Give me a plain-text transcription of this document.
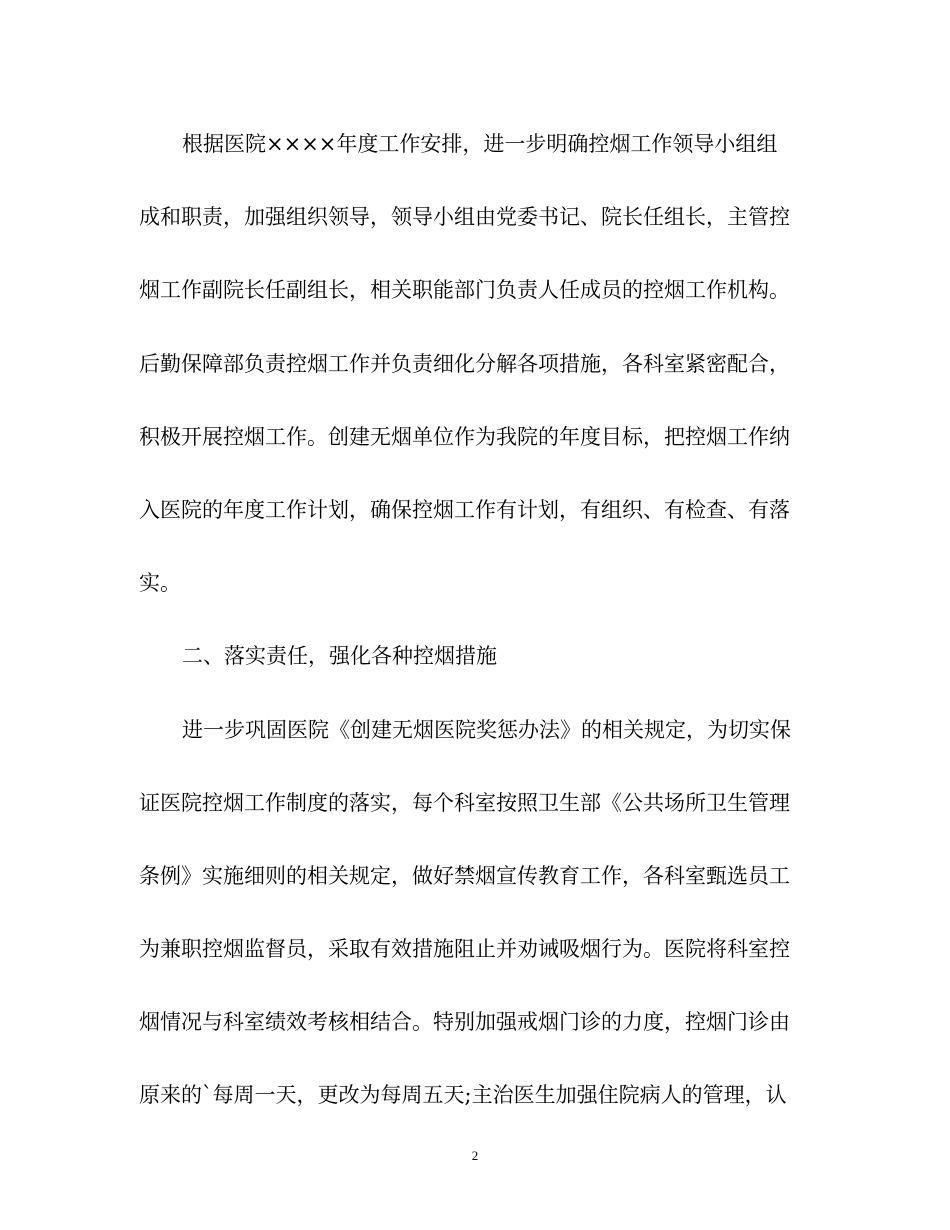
根据医院××××年度工作安排，进一步明确控烟工作领导小组组
成和职责，加强组织领导，领导小组由党委书记、院长任组长，主管控
烟工作副院长任副组长，相关职能部门负责人任成员的控烟工作机构。
后勤保障部负责控烟工作并负责细化分解各项措施，各科室紧密配合，
积极开展控烟工作。创建无烟单位作为我院的年度目标，把控烟工作纳
入医院的年度工作计划，确保控烟工作有计划，有组织、有检查、有落
实。
二、落实责任，强化各种控烟措施
进一步巩固医院《创建无烟医院奖惩办法》的相关规定，为切实保
证医院控烟工作制度的落实，每个科室按照卫生部《公共场所卫生管理
条例》实施细则的相关规定，做好禁烟宣传教育工作，各科室甄选员工
为兼职控烟监督员，采取有效措施阻止并劝诫吸烟行为。医院将科室控
烟情况与科室绩效考核相结合。特别加强戒烟门诊的力度，控烟门诊由
原来的`每周一天，更改为每周五天;主治医生加强住院病人的管理，认
2
